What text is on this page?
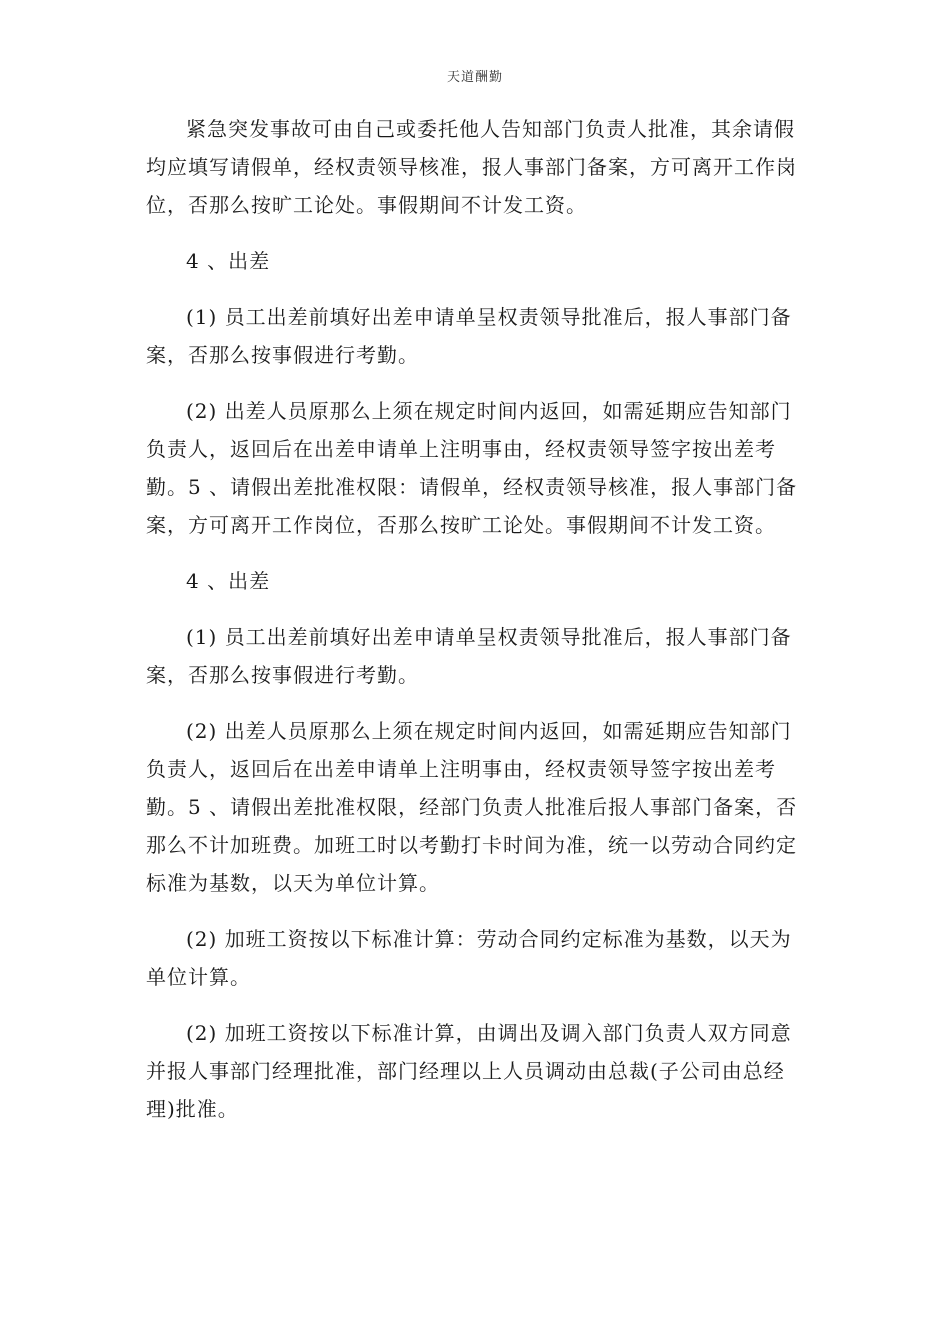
天道酬勤

紧急突发事故可由自己或委托他人告知部门负责人批准，其余请假均应填写请假单，经权责领导核准，报人事部门备案，方可离开工作岗位，否那么按旷工论处。事假期间不计发工资。

4 、出差

(1) 员工出差前填好出差申请单呈权责领导批准后，报人事部门备案，否那么按事假进行考勤。

(2) 出差人员原那么上须在规定时间内返回，如需延期应告知部门负责人，返回后在出差申请单上注明事由，经权责领导签字按出差考勤。5 、请假出差批准权限：请假单，经权责领导核准，报人事部门备案，方可离开工作岗位，否那么按旷工论处。事假期间不计发工资。

4 、出差

(1) 员工出差前填好出差申请单呈权责领导批准后，报人事部门备案，否那么按事假进行考勤。

(2) 出差人员原那么上须在规定时间内返回，如需延期应告知部门负责人，返回后在出差申请单上注明事由，经权责领导签字按出差考勤。5 、请假出差批准权限，经部门负责人批准后报人事部门备案，否那么不计加班费。加班工时以考勤打卡时间为准，统一以劳动合同约定标准为基数，以天为单位计算。

(2) 加班工资按以下标准计算：劳动合同约定标准为基数，以天为单位计算。

(2) 加班工资按以下标准计算，由调出及调入部门负责人双方同意并报人事部门经理批准，部门经理以上人员调动由总裁(子公司由总经理)批准。
